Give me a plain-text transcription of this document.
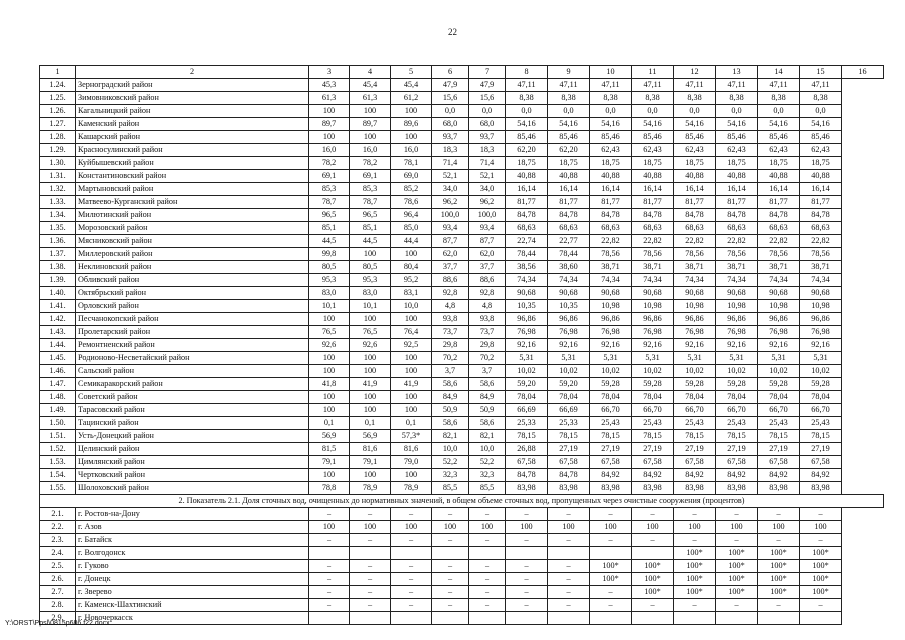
22
1	2	3	4	5	6	7	8	9	10	11	12	13	14	15	16
1.24.	Зерноградский район	45,3	45,4	45,4	47,9	47,9	47,11	47,11	47,11	47,11	47,11	47,11	47,11	47,11	
1.25.	Зимовниковский район	61,3	61,3	61,2	15,6	15,6	8,38	8,38	8,38	8,38	8,38	8,38	8,38	8,38	
1.26.	Кагальницкий район	100	100	100	0,0	0,0	0,0	0,0	0,0	0,0	0,0	0,0	0,0	0,0	
1.27.	Каменский район	89,7	89,7	89,6	68,0	68,0	54,16	54,16	54,16	54,16	54,16	54,16	54,16	54,16	
1.28.	Кашарский район	100	100	100	93,7	93,7	85,46	85,46	85,46	85,46	85,46	85,46	85,46	85,46	
1.29.	Красносулинский район	16,0	16,0	16,0	18,3	18,3	62,20	62,20	62,43	62,43	62,43	62,43	62,43	62,43	
1.30.	Куйбышевский район	78,2	78,2	78,1	71,4	71,4	18,75	18,75	18,75	18,75	18,75	18,75	18,75	18,75	
1.31.	Константиновский район	69,1	69,1	69,0	52,1	52,1	40,88	40,88	40,88	40,88	40,88	40,88	40,88	40,88	
1.32.	Мартыновский район	85,3	85,3	85,2	34,0	34,0	16,14	16,14	16,14	16,14	16,14	16,14	16,14	16,14	
1.33.	Матвеево-Курганский район	78,7	78,7	78,6	96,2	96,2	81,77	81,77	81,77	81,77	81,77	81,77	81,77	81,77	
1.34.	Милютинский район	96,5	96,5	96,4	100,0	100,0	84,78	84,78	84,78	84,78	84,78	84,78	84,78	84,78	
1.35.	Морозовский район	85,1	85,1	85,0	93,4	93,4	68,63	68,63	68,63	68,63	68,63	68,63	68,63	68,63	
1.36.	Мясниковский район	44,5	44,5	44,4	87,7	87,7	22,74	22,77	22,82	22,82	22,82	22,82	22,82	22,82	
1.37.	Миллеровский район	99,8	100	100	62,0	62,0	78,44	78,44	78,56	78,56	78,56	78,56	78,56	78,56	
1.38.	Неклиновский район	80,5	80,5	80,4	37,7	37,7	38,56	38,60	38,71	38,71	38,71	38,71	38,71	38,71	
1.39.	Обливский район	95,3	95,3	95,2	88,6	88,6	74,34	74,34	74,34	74,34	74,34	74,34	74,34	74,34	
1.40.	Октябрьский район	83,0	83,0	83,1	92,8	92,8	90,68	90,68	90,68	90,68	90,68	90,68	90,68	90,68	
1.41.	Орловский район	10,1	10,1	10,0	4,8	4,8	10,35	10,35	10,98	10,98	10,98	10,98	10,98	10,98	
1.42.	Песчанокопский район	100	100	100	93,8	93,8	96,86	96,86	96,86	96,86	96,86	96,86	96,86	96,86	
1.43.	Пролетарский район	76,5	76,5	76,4	73,7	73,7	76,98	76,98	76,98	76,98	76,98	76,98	76,98	76,98	
1.44.	Ремонтненский район	92,6	92,6	92,5	29,8	29,8	92,16	92,16	92,16	92,16	92,16	92,16	92,16	92,16	
1.45.	Родионово-Несветайский район	100	100	100	70,2	70,2	5,31	5,31	5,31	5,31	5,31	5,31	5,31	5,31	
1.46.	Сальский район	100	100	100	3,7	3,7	10,02	10,02	10,02	10,02	10,02	10,02	10,02	10,02	
1.47.	Семикаракорский район	41,8	41,9	41,9	58,6	58,6	59,20	59,20	59,28	59,28	59,28	59,28	59,28	59,28	
1.48.	Советский район	100	100	100	84,9	84,9	78,04	78,04	78,04	78,04	78,04	78,04	78,04	78,04	
1.49.	Тарасовский район	100	100	100	50,9	50,9	66,69	66,69	66,70	66,70	66,70	66,70	66,70	66,70	
1.50.	Тацинский район	0,1	0,1	0,1	58,6	58,6	25,33	25,33	25,43	25,43	25,43	25,43	25,43	25,43	
1.51.	Усть-Донецкий район	56,9	56,9	57,3*	82,1	82,1	78,15	78,15	78,15	78,15	78,15	78,15	78,15	78,15	
1.52.	Целинский район	81,5	81,6	81,6	10,0	10,0	26,88	27,19	27,19	27,19	27,19	27,19	27,19	27,19	
1.53.	Цимлянский район	79,1	79,1	79,0	52,2	52,2	67,58	67,58	67,58	67,58	67,58	67,58	67,58	67,58	
1.54.	Чертковский район	100	100	100	32,3	32,3	84,78	84,78	84,92	84,92	84,92	84,92	84,92	84,92	
1.55.	Шолоховский район	78,8	78,9	78,9	85,5	85,5	83,98	83,98	83,98	83,98	83,98	83,98	83,98	83,98	
2. Показатель 2.1. Доля сточных вод, очищенных до нормативных значений, в общем объеме сточных вод, пропущенных через очистные сооружения (процентов)															
2.1.	г. Ростов-на-Дону	–	–	–	–	–	–	–	–	–	–	–	–	–	
2.2.	г. Азов	100	100	100	100	100	100	100	100	100	100	100	100	100	
2.3.	г. Батайск	–	–	–	–	–	–	–	–	–	–	–	–	–	
2.4.	г. Волгодонск										100*	100*	100*	100*	
2.5.	г. Гуково	–	–	–	–	–	–	–	100*	100*	100*	100*	100*	100*	
2.6.	г. Донецк	–	–	–	–	–	–	–	100*	100*	100*	100*	100*	100*	
2.7.	г. Зверево	–	–	–	–	–	–	–	–	100*	100*	100*	100*	100*	
2.8.	г. Каменск-Шахтинский	–	–	–	–	–	–	–	–	–	–	–	–	–	
2.9.	г. Новочеркасск														
Y:\ORST\Ppsl\0815p686.f22.docx
